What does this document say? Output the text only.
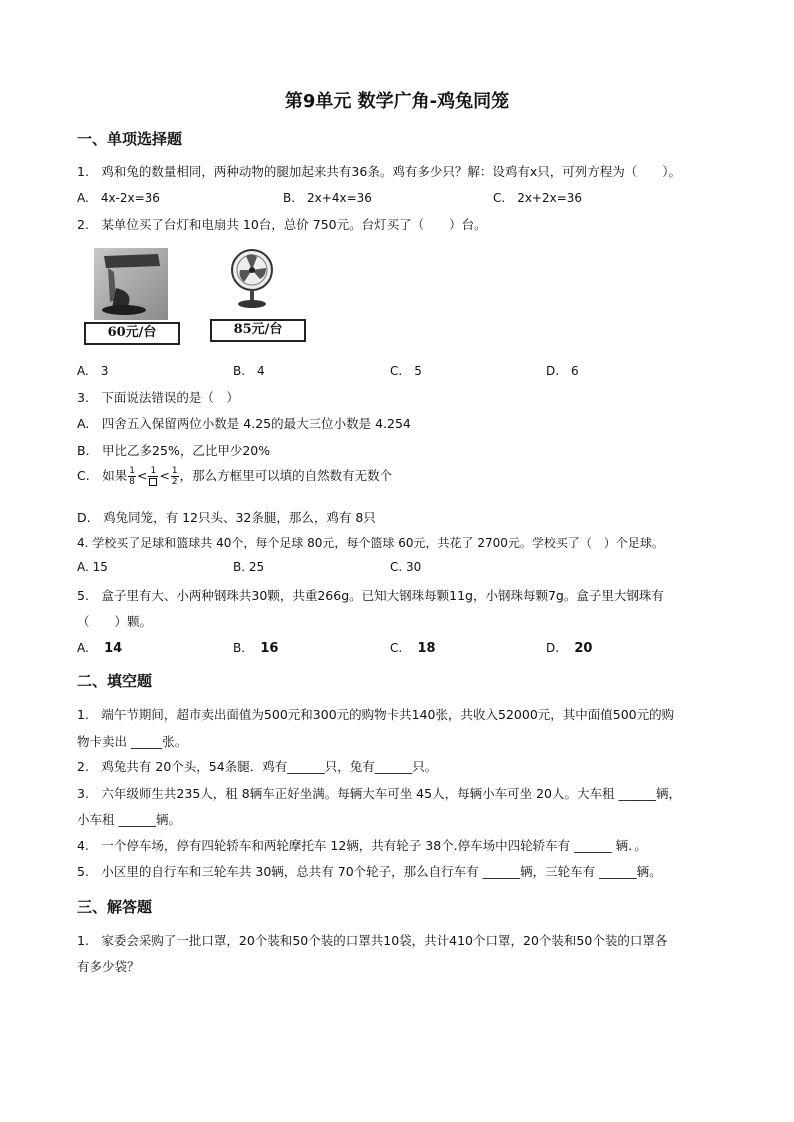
第9单元 数学广角-鸡兔同笼
一、单项选择题
1.　鸡和兔的数量相同，两种动物的腿加起来共有36条。鸡有多少只？解：设鸡有x只，可列方程为（　　）。
A.　4x-2x=36	B.　2x+4x=36	C.　2x+2x=36
2.　某单位买了台灯和电扇共 10台，总价 750元。台灯买了（　　）台。
60元/台	85元/台
A.　3	B.　4	C.　5	D.　6
3.　下面说法错误的是（　）
A.　四舍五入保留两位小数是 4.25的最大三位小数是 4.254
B.　甲比乙多25%，乙比甲少20%
C.　如果 $\frac{1}{8} < 1 < \frac{1}{2}$ ，那么方框里可以填的自然数有无数个
D.　鸡兔同笼，有 12只头、32条腿，那么，鸡有 8只
4. 学校买了足球和篮球共 40个，每个足球 80元，每个篮球 60元，共花了 2700元。学校买了（　）个足球。
A. 15	B. 25	C. 30
5.　盒子里有大、小两种钢珠共30颗，共重266g。已知大钢珠每颗11g，小钢珠每颗7g。盒子里大钢珠有
（　　）颗。
A. 14	B. 16	C. 18	D. 20
二、填空题
1.　端午节期间，超市卖出面值为500元和300元的购物卡共140张，共收入52000元，其中面值500元的购
物卡卖出 _____张。
2.　鸡兔共有 20个头，54条腿．鸡有______只，兔有______只。
3.　六年级师生共235人，租 8辆车正好坐满。每辆大车可坐 45人，每辆小车可坐 20人。大车租 ______辆，
小车租 ______辆。
4.　一个停车场，停有四轮轿车和两轮摩托车 12辆，共有轮子 38个.停车场中四轮轿车有 ______ 辆．。
5.　小区里的自行车和三轮车共 30辆，总共有 70个轮子，那么自行车有 ______辆，三轮车有 ______辆。
三、解答题
1.　家委会采购了一批口罩，20个装和50个装的口罩共10袋，共计410个口罩，20个装和50个装的口罩各
有多少袋？
